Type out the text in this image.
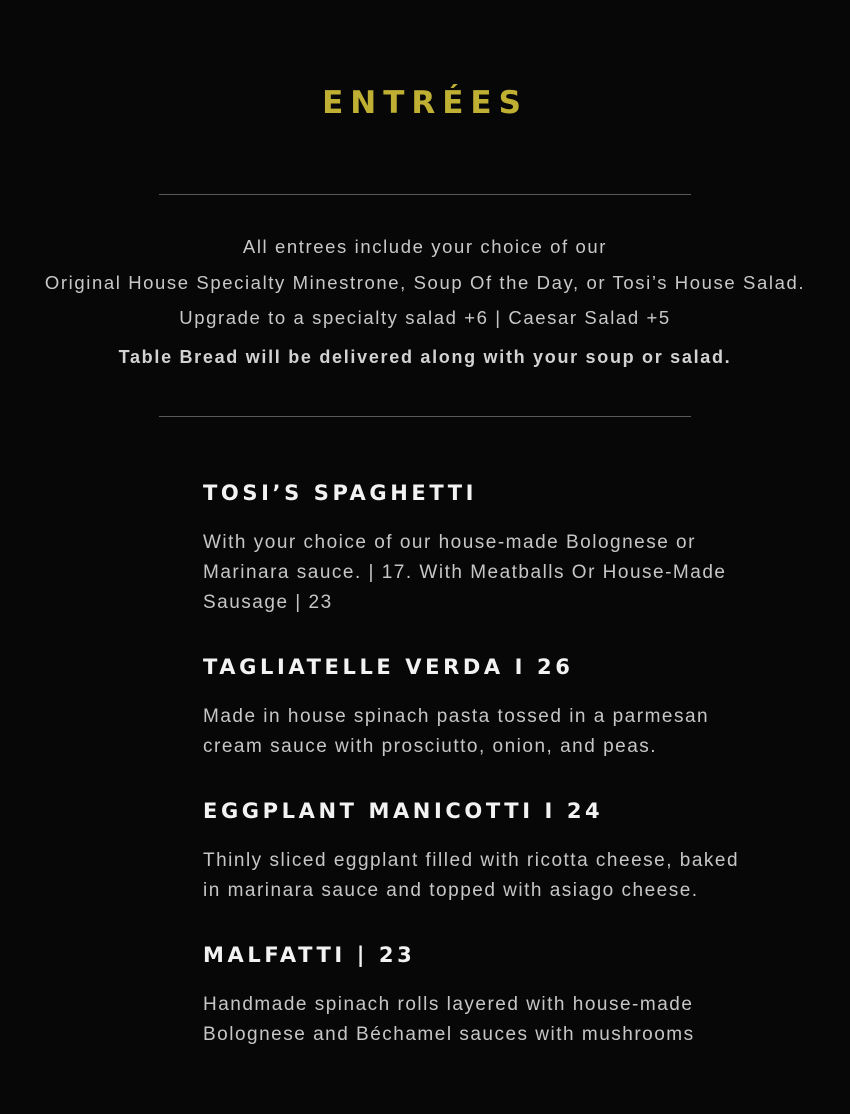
ENTRÉES
All entrees include your choice of our
Original House Specialty Minestrone, Soup Of the Day, or Tosi’s House Salad.
Upgrade to a specialty salad +6 | Caesar Salad +5
Table Bread will be delivered along with your soup or salad.
TOSI’S SPAGHETTI
With your choice of our house-made Bolognese or Marinara sauce. | 17. With Meatballs Or House-Made Sausage | 23
TAGLIATELLE VERDA I 26
Made in house spinach pasta tossed in a parmesan cream sauce with prosciutto, onion, and peas.
EGGPLANT MANICOTTI I 24
Thinly sliced eggplant filled with ricotta cheese, baked in marinara sauce and topped with asiago cheese.
MALFATTI | 23
Handmade spinach rolls layered with house-made Bolognese and Béchamel sauces with mushrooms
